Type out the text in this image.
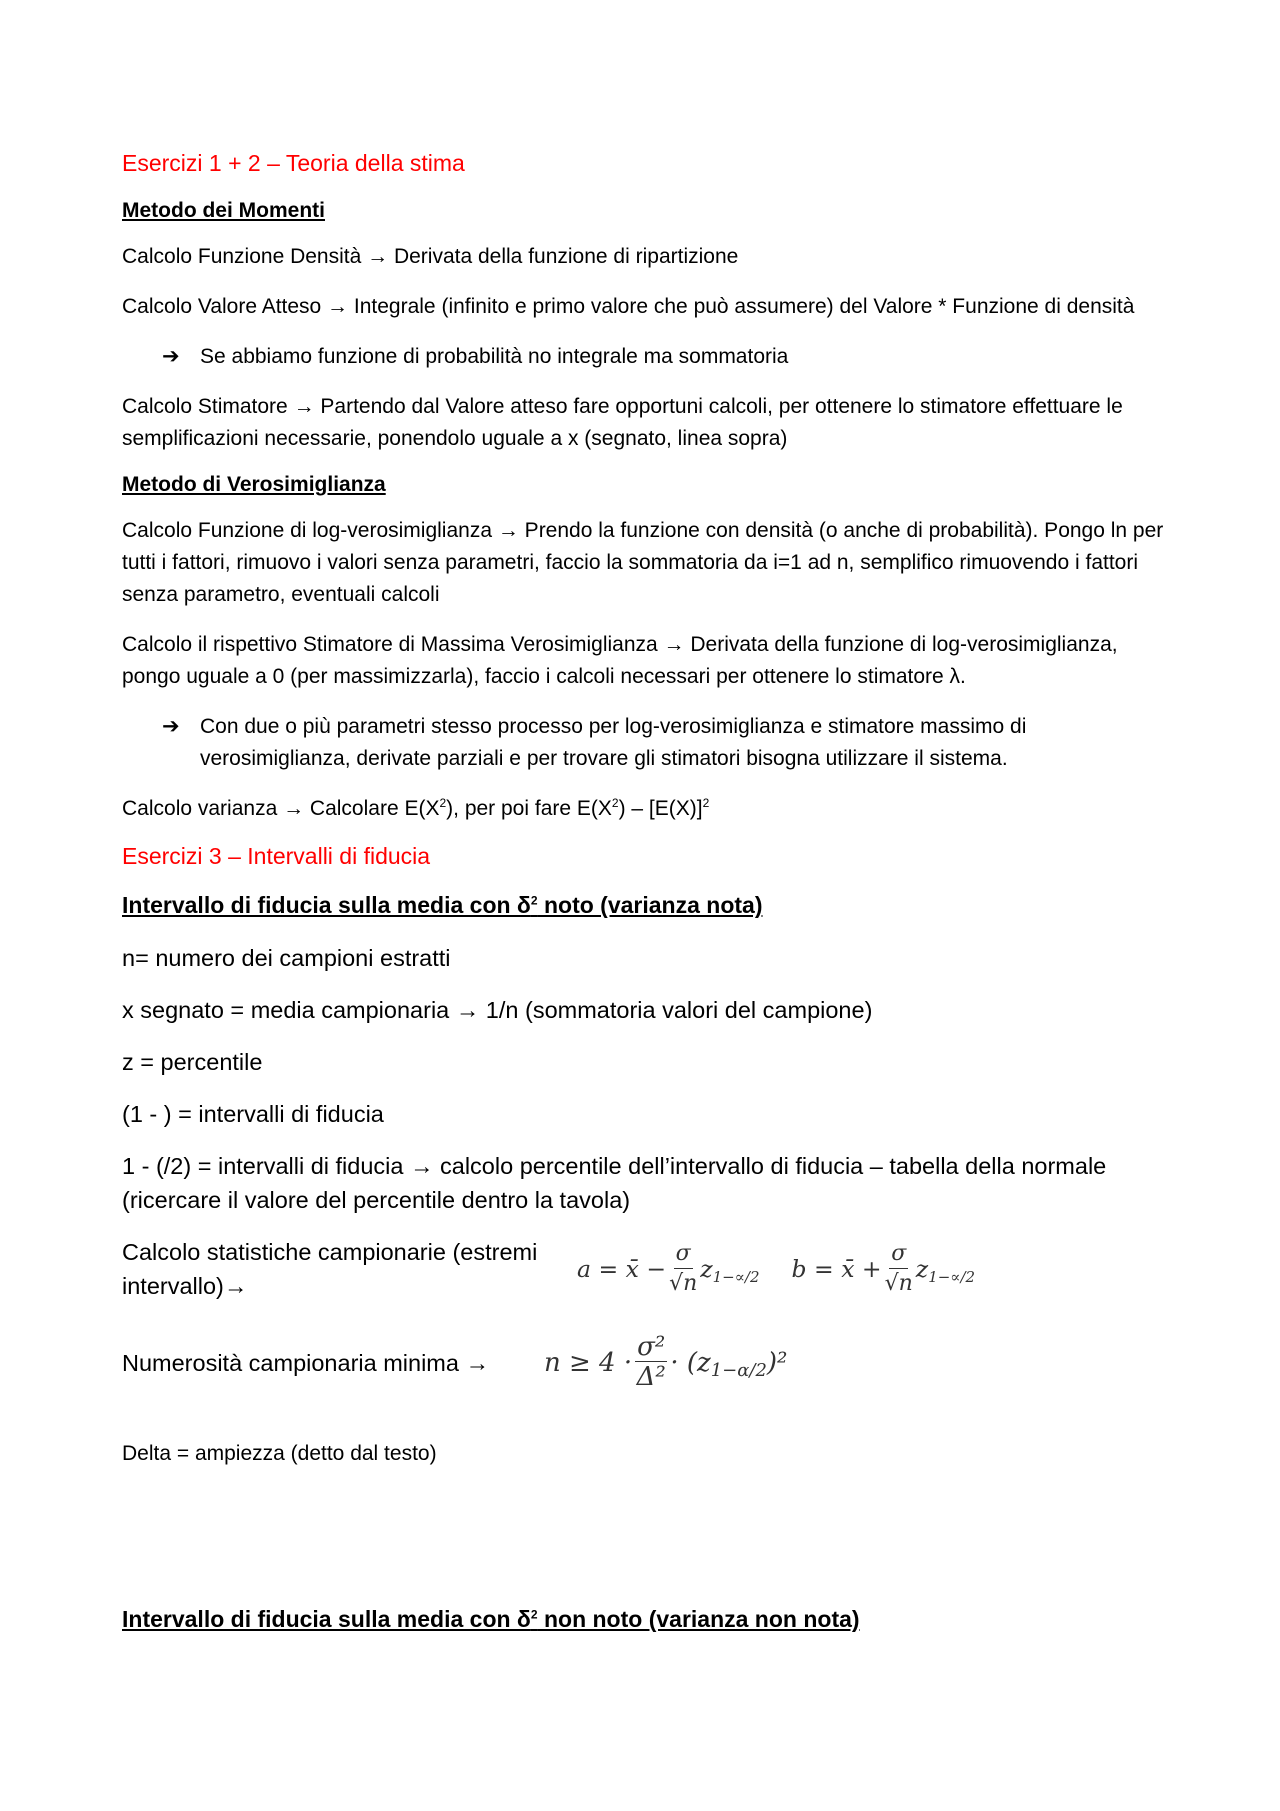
Esercizi 1 + 2 – Teoria della stima
Metodo dei Momenti

Calcolo Funzione Densità → Derivata della funzione di ripartizione

Calcolo Valore Atteso → Integrale (infinito e primo valore che può assumere) del Valore * Funzione di densità

➔ Se abbiamo funzione di probabilità no integrale ma sommatoria

Calcolo Stimatore → Partendo dal Valore atteso fare opportuni calcoli, per ottenere lo stimatore effettuare le semplificazioni necessarie, ponendolo uguale a x (segnato, linea sopra)

Metodo di Verosimiglianza

Calcolo Funzione di log-verosimiglianza → Prendo la funzione con densità (o anche di probabilità). Pongo ln per tutti i fattori, rimuovo i valori senza parametri, faccio la sommatoria da i=1 ad n, semplifico rimuovendo i fattori senza parametro, eventuali calcoli

Calcolo il rispettivo Stimatore di Massima Verosimiglianza → Derivata della funzione di log-verosimiglianza, pongo uguale a 0 (per massimizzarla), faccio i calcoli necessari per ottenere lo stimatore λ.

➔ Con due o più parametri stesso processo per log-verosimiglianza e stimatore massimo di verosimiglianza, derivate parziali e per trovare gli stimatori bisogna utilizzare il sistema.

Calcolo varianza → Calcolare $E(X^2)$, per poi fare $E(X^2) - [E(X)]^2$

Esercizi 3 – Intervalli di fiducia
Intervallo di fiducia sulla media con $\delta^2$ noto (varianza nota)

n= numero dei campioni estratti

x segnato = media campionaria → 1/n (sommatoria valori del campione)

z = percentile

(1 - ) = intervalli di fiducia

1 - (/2) = intervalli di fiducia → calcolo percentile dell’intervallo di fiducia – tabella della normale (ricercare il valore del percentile dentro la tavola)

Calcolo statistiche campionarie (estremi intervallo)→
a = x̄ − $\frac{\sigma}{√n}$ z 1−∝/2 b = x̄ + $\frac{\sigma}{√n}$ z 1−∝/2
Numerosità campionaria minima →	$n \ge 4 \cdot \frac{\text{σ²}}{\text{Δ²}} \cdot (z$ 1−α/2 )²

Delta = ampiezza (detto dal testo)

Intervallo di fiducia sulla media con $\delta^2$ non noto (varianza non nota)
